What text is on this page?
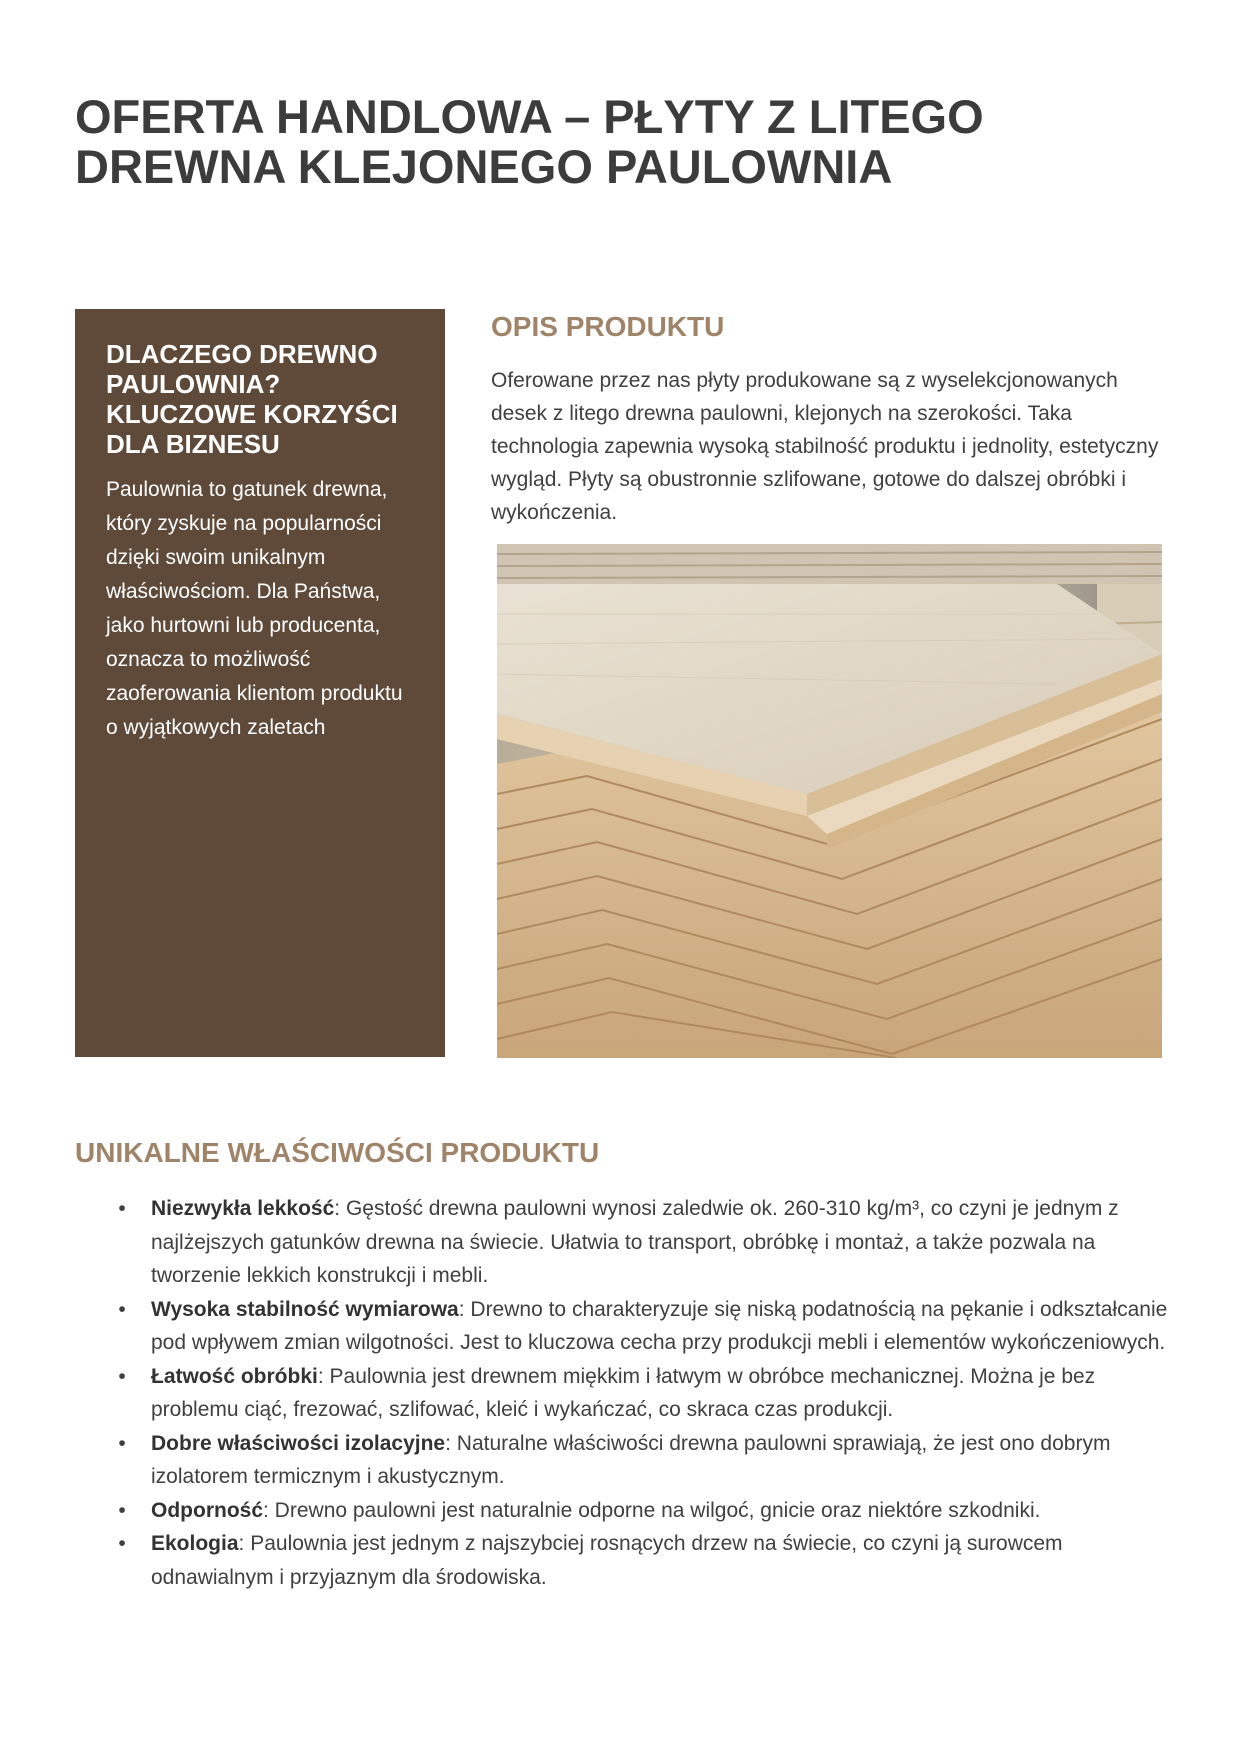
OFERTA HANDLOWA – PŁYTY Z LITEGO DREWNA KLEJONEGO PAULOWNIA
DLACZEGO DREWNO PAULOWNIA? KLUCZOWE KORZYŚCI DLA BIZNESU

Paulownia to gatunek drewna, który zyskuje na popularności dzięki swoim unikalnym właściwościom. Dla Państwa, jako hurtowni lub producenta, oznacza to możliwość zaoferowania klientom produktu o wyjątkowych zaletach

OPIS PRODUKTU

Oferowane przez nas płyty produkowane są z wyselekcjonowanych desek z litego drewna paulowni, klejonych na szerokości. Taka technologia zapewnia wysoką stabilność produktu i jednolity, estetyczny wygląd. Płyty są obustronnie szlifowane, gotowe do dalszej obróbki i wykończenia.

UNIKALNE WŁAŚCIWOŚCI PRODUKTU
• Niezwykła lekkość: Gęstość drewna paulowni wynosi zaledwie ok. 260-310 kg/m³, co czyni je jednym z najlżejszych gatunków drewna na świecie. Ułatwia to transport, obróbkę i montaż, a także pozwala na tworzenie lekkich konstrukcji i mebli.
• Wysoka stabilność wymiarowa: Drewno to charakteryzuje się niską podatnością na pękanie i odkształcanie pod wpływem zmian wilgotności. Jest to kluczowa cecha przy produkcji mebli i elementów wykończeniowych.
• Łatwość obróbki: Paulownia jest drewnem miękkim i łatwym w obróbce mechanicznej. Można je bez problemu ciąć, frezować, szlifować, kleić i wykańczać, co skraca czas produkcji.
• Dobre właściwości izolacyjne: Naturalne właściwości drewna paulowni sprawiają, że jest ono dobrym izolatorem termicznym i akustycznym.
• Odporność: Drewno paulowni jest naturalnie odporne na wilgoć, gnicie oraz niektóre szkodniki.
• Ekologia: Paulownia jest jednym z najszybciej rosnących drzew na świecie, co czyni ją surowcem odnawialnym i przyjaznym dla środowiska.
